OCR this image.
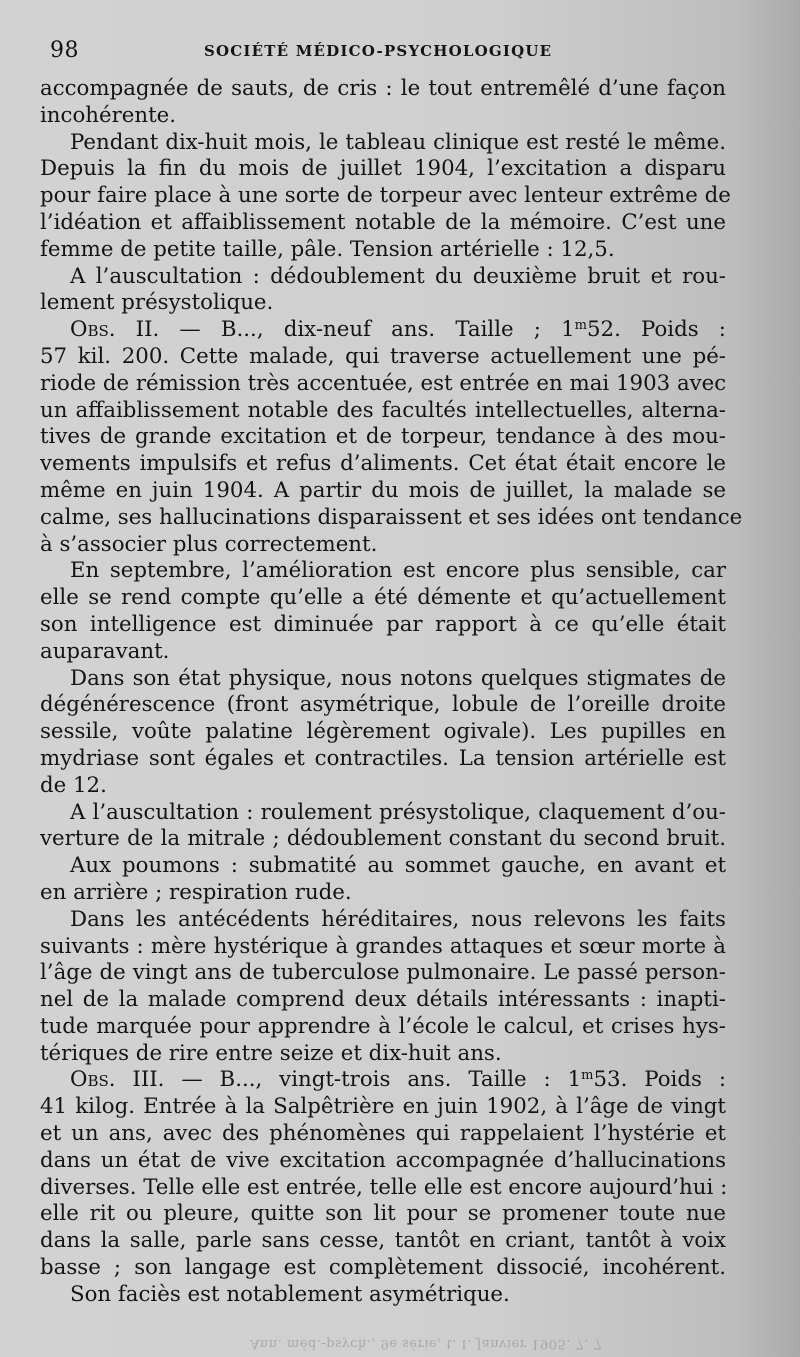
98	SOCIÉTÉ MÉDICO-PSYCHOLOGIQUE
accompagnée de sauts, de cris : le tout entremêlé d’une façon
incohérente.
Pendant dix-huit mois, le tableau clinique est resté le même.
Depuis la fin du mois de juillet 1904, l’excitation a disparu
pour faire place à une sorte de torpeur avec lenteur extrême de
l’idéation et affaiblissement notable de la mémoire. C’est une
femme de petite taille, pâle. Tension artérielle : 12,5.
A l’auscultation : dédoublement du deuxième bruit et rou-
lement présystolique.
Obs. II. — B..., dix-neuf ans. Taille ; 1$^m$52. Poids :
57 kil. 200. Cette malade, qui traverse actuellement une pé-
riode de rémission très accentuée, est entrée en mai 1903 avec
un affaiblissement notable des facultés intellectuelles, alterna-
tives de grande excitation et de torpeur, tendance à des mou-
vements impulsifs et refus d’aliments. Cet état était encore le
même en juin 1904. A partir du mois de juillet, la malade se
calme, ses hallucinations disparaissent et ses idées ont tendance
à s’associer plus correctement.
En septembre, l’amélioration est encore plus sensible, car
elle se rend compte qu’elle a été démente et qu’actuellement
son intelligence est diminuée par rapport à ce qu’elle était
auparavant.
Dans son état physique, nous notons quelques stigmates de
dégénérescence (front asymétrique, lobule de l’oreille droite
sessile, voûte palatine légèrement ogivale). Les pupilles en
mydriase sont égales et contractiles. La tension artérielle est
de 12.
A l’auscultation : roulement présystolique, claquement d’ou-
verture de la mitrale ; dédoublement constant du second bruit.
Aux poumons : submatité au sommet gauche, en avant et
en arrière ; respiration rude.
Dans les antécédents héréditaires, nous relevons les faits
suivants : mère hystérique à grandes attaques et sœur morte à
l’âge de vingt ans de tuberculose pulmonaire. Le passé person-
nel de la malade comprend deux détails intéressants : inapti-
tude marquée pour apprendre à l’école le calcul, et crises hys-
tériques de rire entre seize et dix-huit ans.
Obs. III. — B..., vingt-trois ans. Taille : 1$^m$53. Poids :
41 kilog. Entrée à la Salpêtrière en juin 1902, à l’âge de vingt
et un ans, avec des phénomènes qui rappelaient l’hystérie et
dans un état de vive excitation accompagnée d’hallucinations
diverses. Telle elle est entrée, telle elle est encore aujourd’hui :
elle rit ou pleure, quitte son lit pour se promener toute nue
dans la salle, parle sans cesse, tantôt en criant, tantôt à voix
basse ; son langage est complètement dissocié, incohérent.
Son faciès est notablement asymétrique.
Ann. méd.-psych., 9e série, t. I. Janvier 1905. 7. 7
